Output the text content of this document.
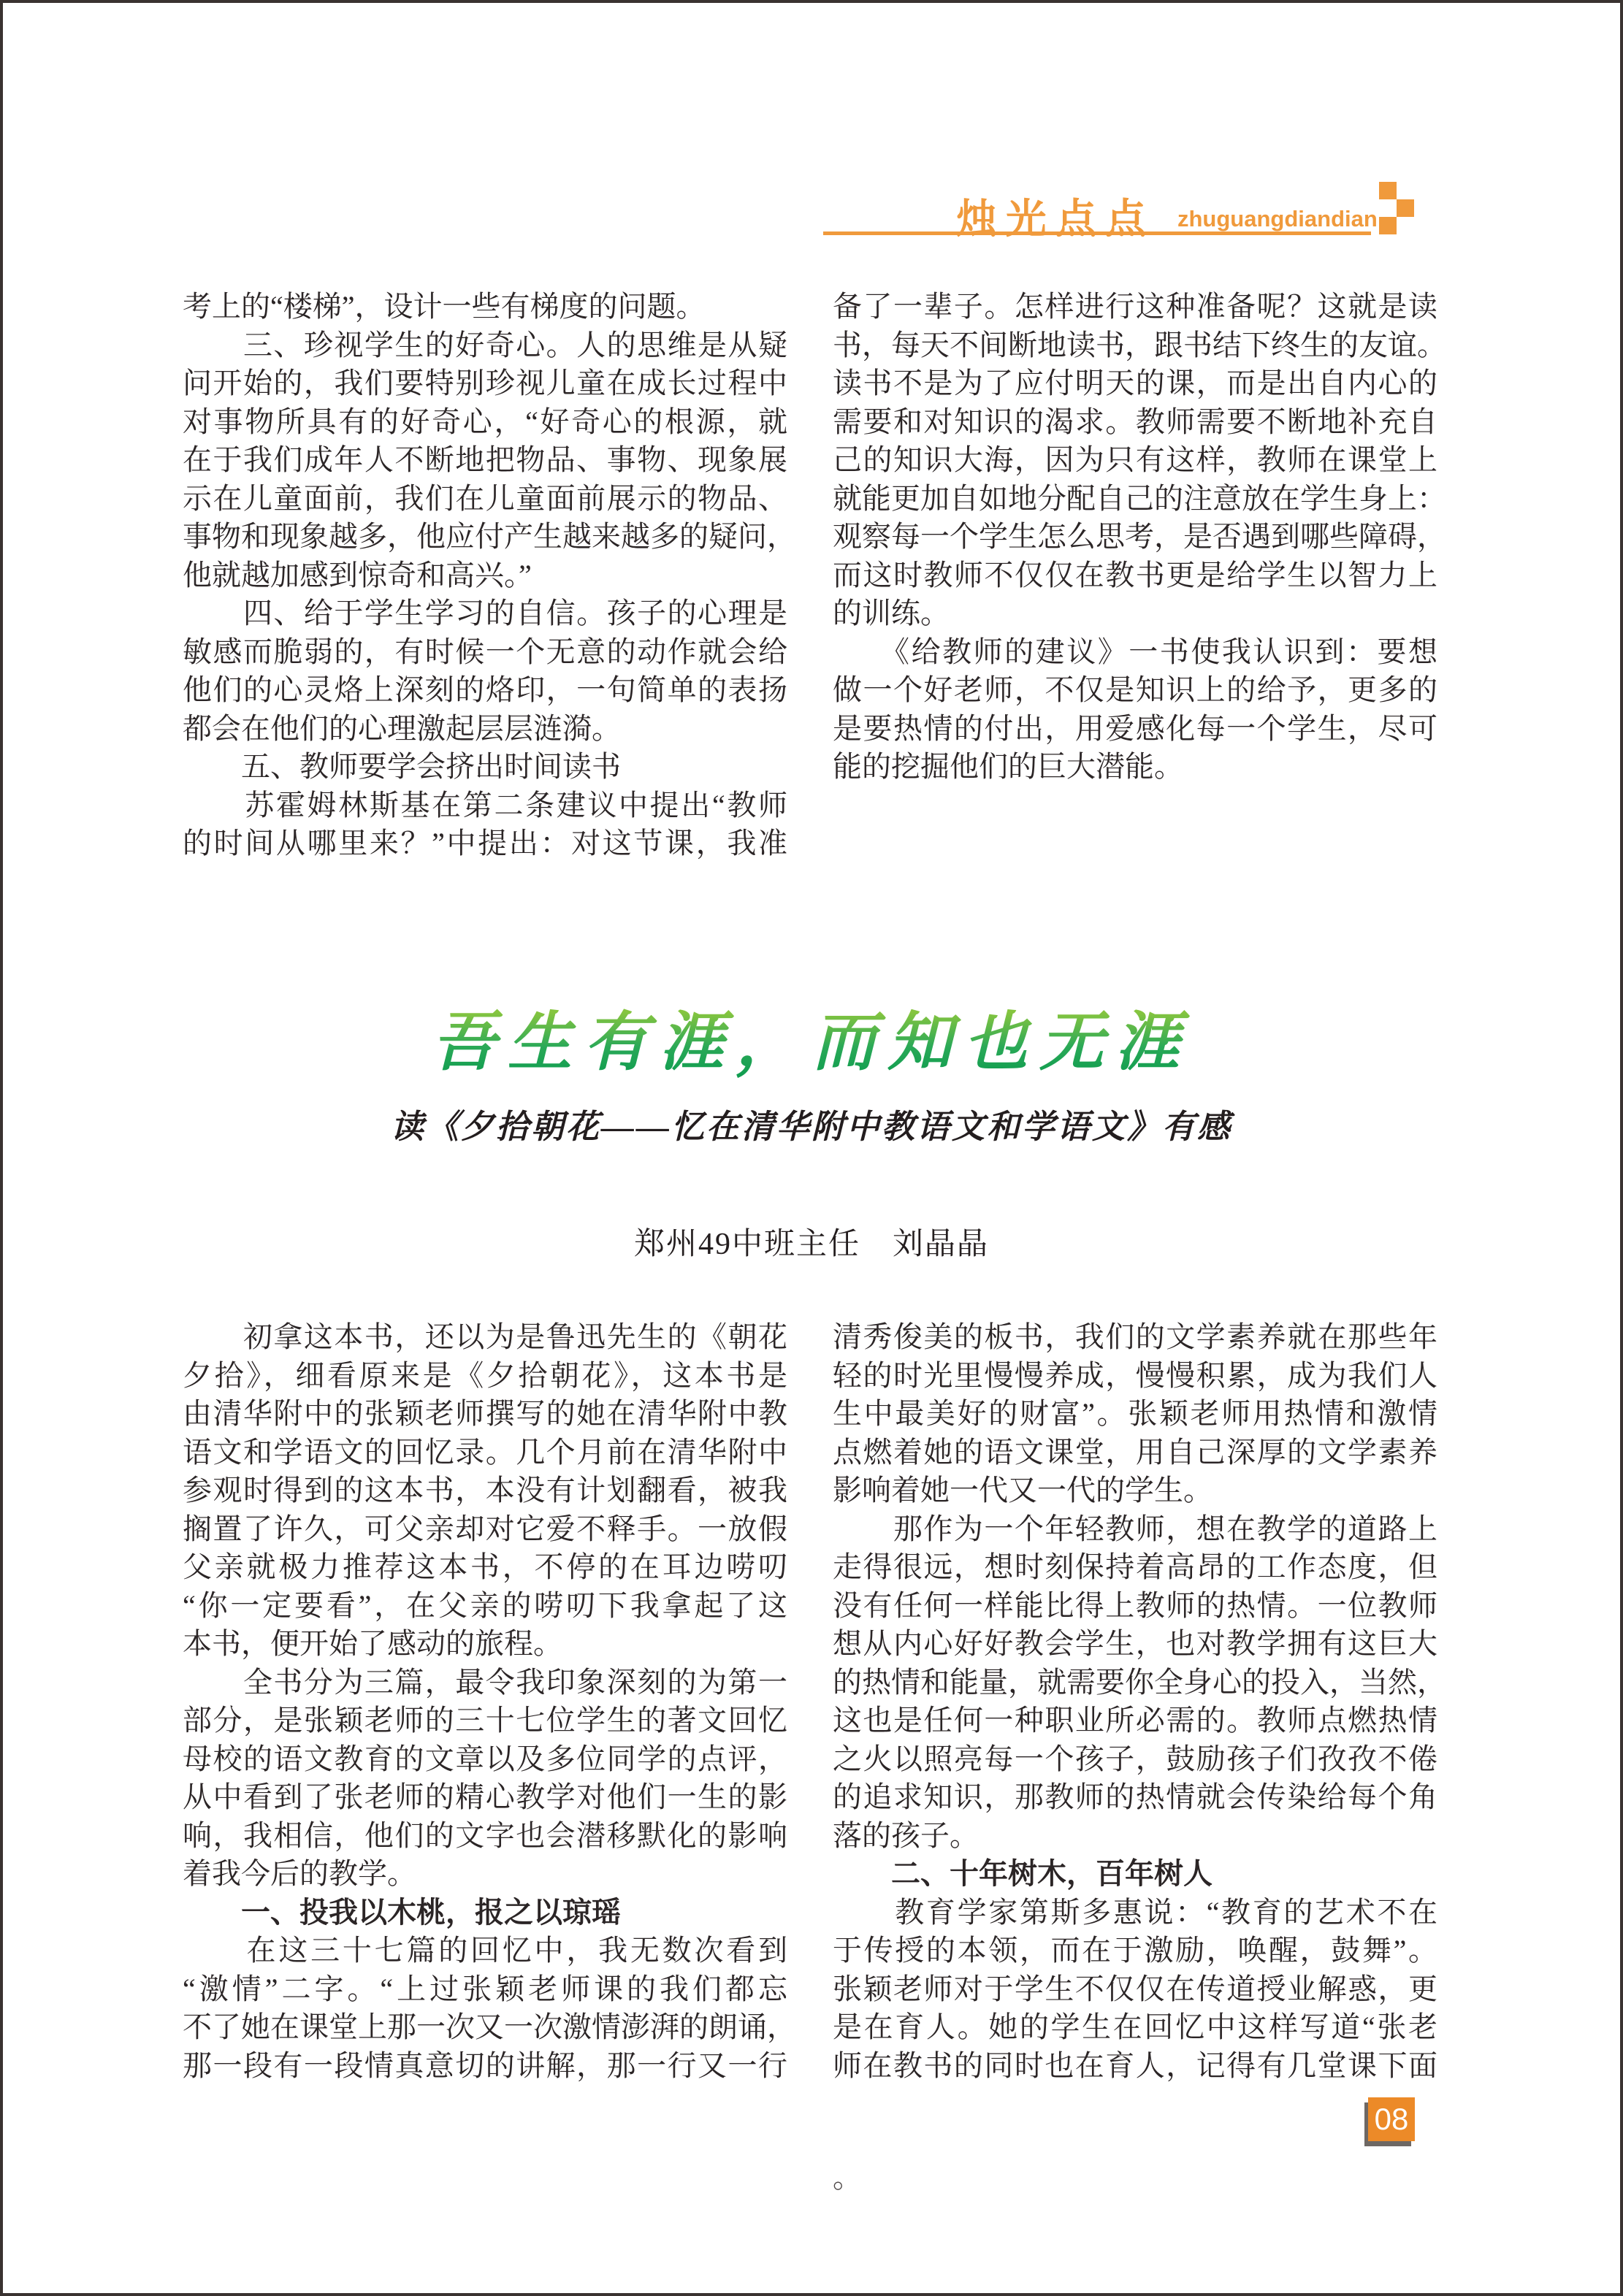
烛光点点 zhuguangdiandian
考上的“楼梯”，设计一些有梯度的问题。
　　三、珍视学生的好奇心。人的思维是从疑
问开始的，我们要特别珍视儿童在成长过程中
对事物所具有的好奇心，“好奇心的根源，就
在于我们成年人不断地把物品、事物、现象展
示在儿童面前，我们在儿童面前展示的物品、
事物和现象越多，他应付产生越来越多的疑问，
他就越加感到惊奇和高兴。”
　　四、给于学生学习的自信。孩子的心理是
敏感而脆弱的，有时候一个无意的动作就会给
他们的心灵烙上深刻的烙印，一句简单的表扬
都会在他们的心理激起层层涟漪。
　　五、教师要学会挤出时间读书
　　苏霍姆林斯基在第二条建议中提出“教师
的时间从哪里来？”中提出：对这节课，我准
备了一辈子。怎样进行这种准备呢？这就是读
书，每天不间断地读书，跟书结下终生的友谊。
读书不是为了应付明天的课，而是出自内心的
需要和对知识的渴求。教师需要不断地补充自
己的知识大海，因为只有这样，教师在课堂上
就能更加自如地分配自己的注意放在学生身上：
观察每一个学生怎么思考，是否遇到哪些障碍，
而这时教师不仅仅在教书更是给学生以智力上
的训练。
　　《给教师的建议》一书使我认识到：要想
做一个好老师，不仅是知识上的给予，更多的
是要热情的付出，用爱感化每一个学生，尽可
能的挖掘他们的巨大潜能。
吾生有涯，而知也无涯
读《夕拾朝花——忆在清华附中教语文和学语文》有感
郑州49中班主任　刘晶晶
　　初拿这本书，还以为是鲁迅先生的《朝花
夕拾》，细看原来是《夕拾朝花》，这本书是
由清华附中的张颖老师撰写的她在清华附中教
语文和学语文的回忆录。几个月前在清华附中
参观时得到的这本书，本没有计划翻看，被我
搁置了许久，可父亲却对它爱不释手。一放假
父亲就极力推荐这本书，不停的在耳边唠叨
“你一定要看”，在父亲的唠叨下我拿起了这
本书，便开始了感动的旅程。
　　全书分为三篇，最令我印象深刻的为第一
部分，是张颖老师的三十七位学生的著文回忆
母校的语文教育的文章以及多位同学的点评，
从中看到了张老师的精心教学对他们一生的影
响，我相信，他们的文字也会潜移默化的影响
着我今后的教学。
　　一、投我以木桃，报之以琼瑶
　　在这三十七篇的回忆中，我无数次看到
“激情”二字。“上过张颖老师课的我们都忘
不了她在课堂上那一次又一次激情澎湃的朗诵，
那一段有一段情真意切的讲解，那一行又一行
清秀俊美的板书，我们的文学素养就在那些年
轻的时光里慢慢养成，慢慢积累，成为我们人
生中最美好的财富”。张颖老师用热情和激情
点燃着她的语文课堂，用自己深厚的文学素养
影响着她一代又一代的学生。
　　那作为一个年轻教师，想在教学的道路上
走得很远，想时刻保持着高昂的工作态度，但
没有任何一样能比得上教师的热情。一位教师
想从内心好好教会学生，也对教学拥有这巨大
的热情和能量，就需要你全身心的投入，当然，
这也是任何一种职业所必需的。教师点燃热情
之火以照亮每一个孩子，鼓励孩子们孜孜不倦
的追求知识，那教师的热情就会传染给每个角
落的孩子。
　　二、十年树木，百年树人
　　教育学家第斯多惠说：“教育的艺术不在
于传授的本领，而在于激励，唤醒，鼓舞”。
张颖老师对于学生不仅仅在传道授业解惑，更
是在育人。她的学生在回忆中这样写道“张老
师在教书的同时也在育人，记得有几堂课下面
08
。
